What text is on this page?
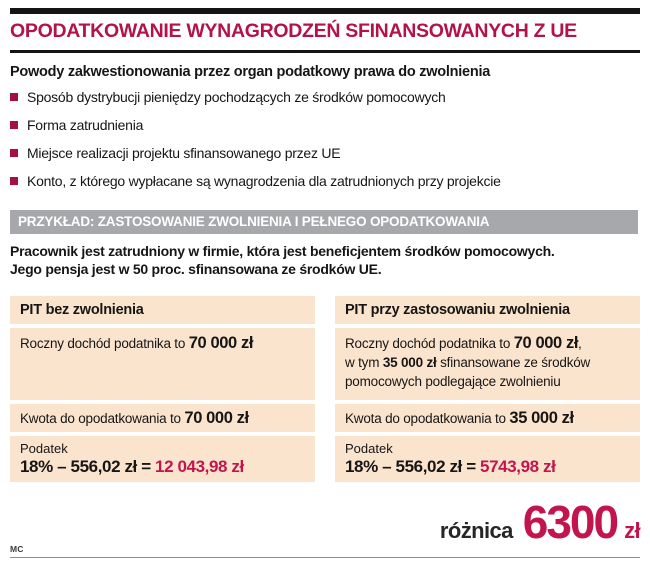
OPODATKOWANIE WYNAGRODZEŃ SFINANSOWANYCH Z UE
Powody zakwestionowania przez organ podatkowy prawa do zwolnienia
Sposób dystrybucji pieniędzy pochodzących ze środków pomocowych
Forma zatrudnienia
Miejsce realizacji projektu sfinansowanego przez UE
Konto, z którego wypłacane są wynagrodzenia dla zatrudnionych przy projekcie
PRZYKŁAD: ZASTOSOWANIE ZWOLNIENIA I PEŁNEGO OPODATKOWANIA
Pracownik jest zatrudniony w firmie, która jest beneficjentem środków pomocowych.
Jego pensja jest w 50 proc. sfinansowana ze środków UE.
PIT bez zwolnienia
Roczny dochód podatnika to 70 000 zł
Kwota do opodatkowania to 70 000 zł
Podatek
18% – 556,02 zł = 12 043,98 zł
PIT przy zastosowaniu zwolnienia
Roczny dochód podatnika to 70 000 zł,
w tym 35 000 zł sfinansowane ze środków
pomocowych podlegające zwolnieniu
Kwota do opodatkowania to 35 000 zł
Podatek
18% – 556,02 zł = 5743,98 zł
różnica 6300 zł
MC
